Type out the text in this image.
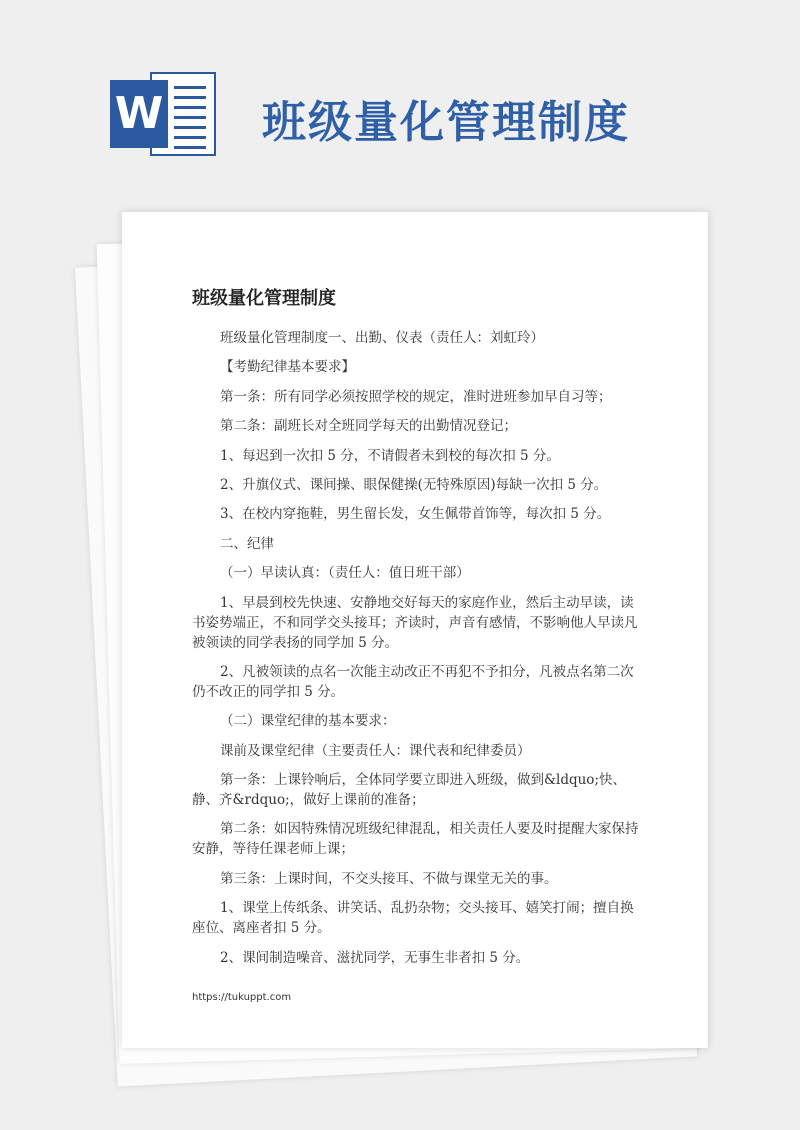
W 班级量化管理制度
班级量化管理制度

班级量化管理制度一、出勤、仪表（责任人：刘虹玲）

【考勤纪律基本要求】

第一条：所有同学必须按照学校的规定，准时进班参加早自习等；

第二条：副班长对全班同学每天的出勤情况登记；

1、每迟到一次扣 5 分，不请假者未到校的每次扣 5 分。

2、升旗仪式、课间操、眼保健操(无特殊原因)每缺一次扣 5 分。

3、在校内穿拖鞋，男生留长发，女生佩带首饰等，每次扣 5 分。

二、纪律

（一）早读认真：（责任人：值日班干部）

1、早晨到校先快速、安静地交好每天的家庭作业，然后主动早读，读书姿势端正，不和同学交头接耳；齐读时，声音有感情，不影响他人早读凡被领读的同学表扬的同学加 5 分。

2、凡被领读的点名一次能主动改正不再犯不予扣分，凡被点名第二次仍不改正的同学扣 5 分。

（二）课堂纪律的基本要求：

课前及课堂纪律（主要责任人：课代表和纪律委员）

第一条：上课铃响后，全体同学要立即进入班级，做到&ldquo;快、静、齐&rdquo;，做好上课前的准备；

第二条：如因特殊情况班级纪律混乱，相关责任人要及时提醒大家保持安静，等待任课老师上课；

第三条：上课时间，不交头接耳、不做与课堂无关的事。

1、课堂上传纸条、讲笑话、乱扔杂物；交头接耳、嬉笑打闹；擅自换座位、离座者扣 5 分。

2、课间制造噪音、滋扰同学，无事生非者扣 5 分。

https://tukuppt.com
